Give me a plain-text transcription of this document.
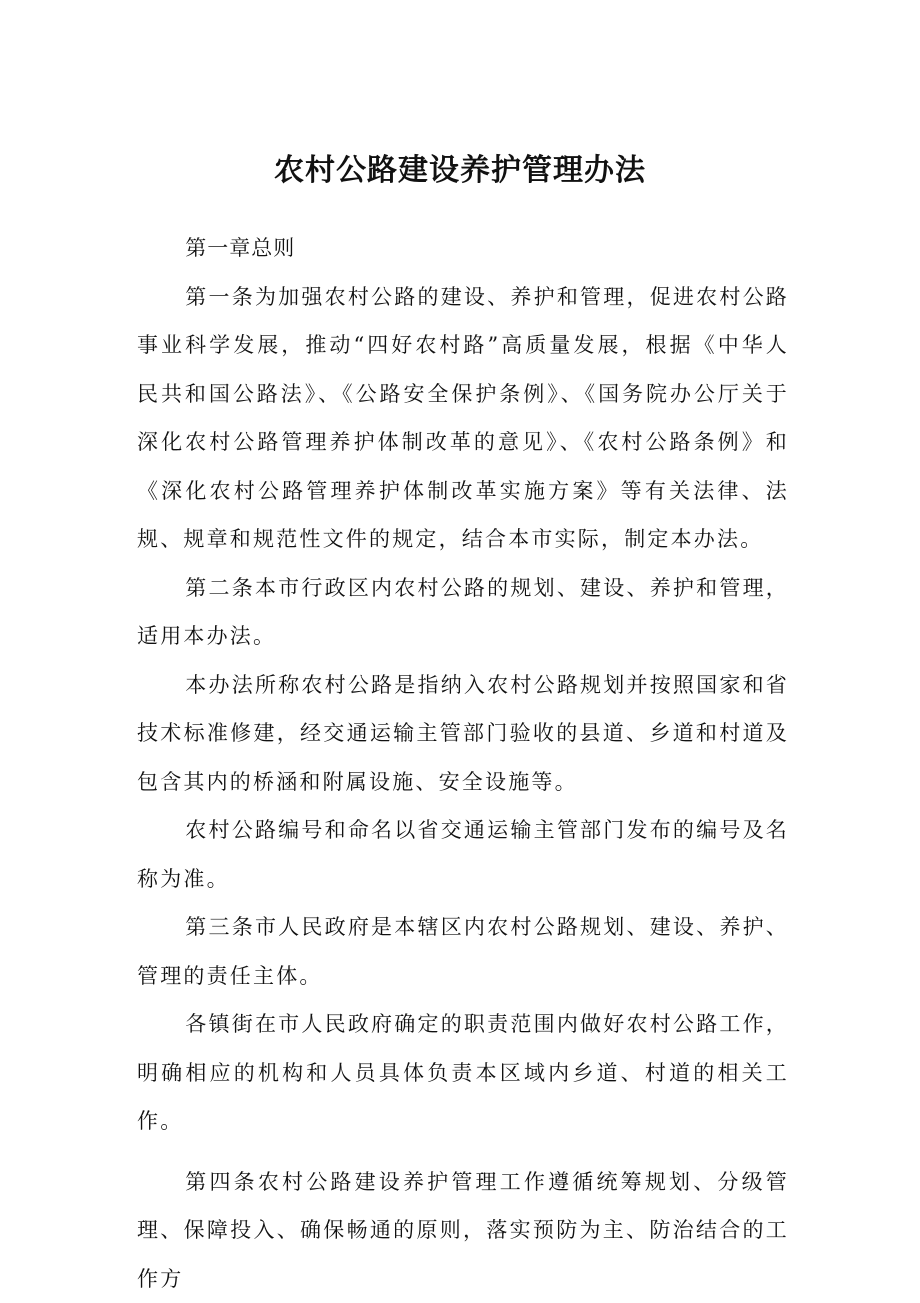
农村公路建设养护管理办法

第一章总则

第一条为加强农村公路的建设、养护和管理，促进农村公路事业科学发展，推动“四好农村路”高质量发展，根据《中华人民共和国公路法》、《公路安全保护条例》、《国务院办公厅关于深化农村公路管理养护体制改革的意见》、《农村公路条例》和《深化农村公路管理养护体制改革实施方案》等有关法律、法规、规章和规范性文件的规定，结合本市实际，制定本办法。

第二条本市行政区内农村公路的规划、建设、养护和管理，适用本办法。

本办法所称农村公路是指纳入农村公路规划并按照国家和省技术标准修建，经交通运输主管部门验收的县道、乡道和村道及包含其内的桥涵和附属设施、安全设施等。

农村公路编号和命名以省交通运输主管部门发布的编号及名称为准。

第三条市人民政府是本辖区内农村公路规划、建设、养护、管理的责任主体。

各镇街在市人民政府确定的职责范围内做好农村公路工作，明确相应的机构和人员具体负责本区域内乡道、村道的相关工作。

第四条农村公路建设养护管理工作遵循统筹规划、分级管理、保障投入、确保畅通的原则，落实预防为主、防治结合的工作方
